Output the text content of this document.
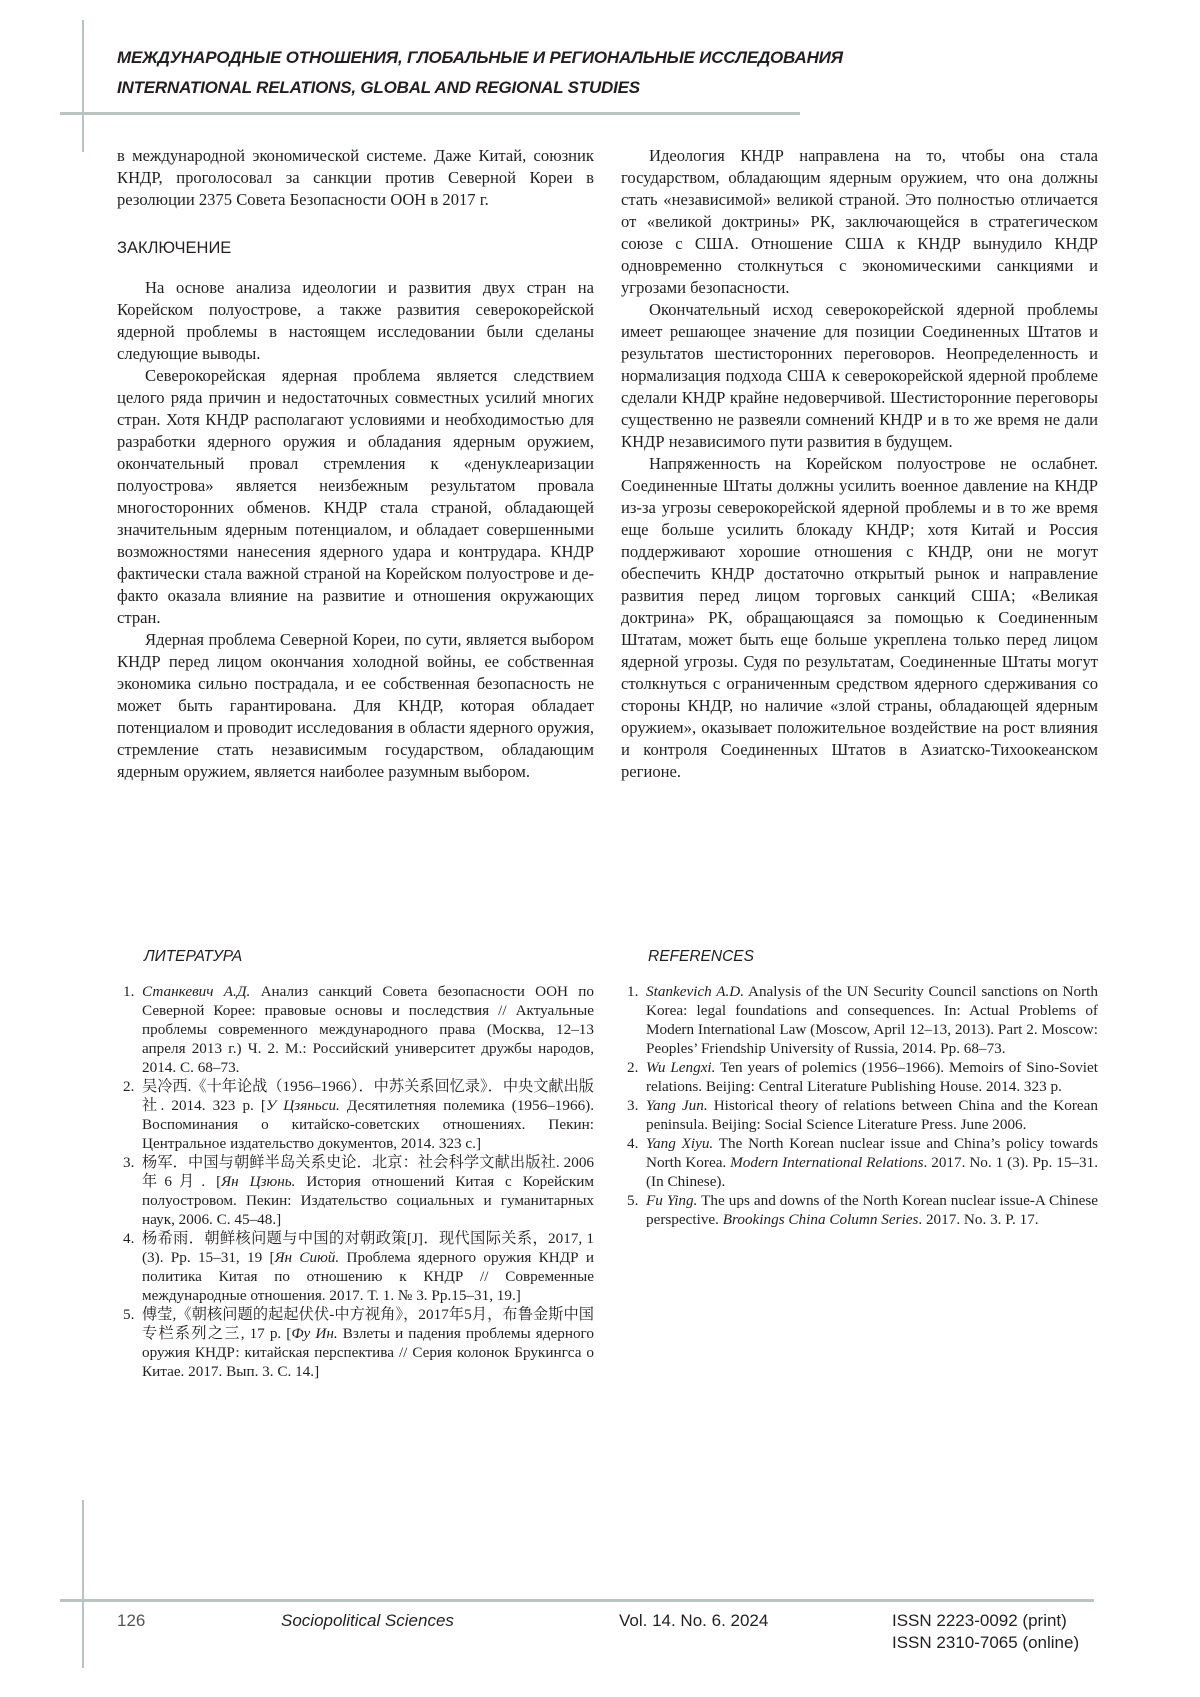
МЕЖДУНАРОДНЫЕ ОТНОШЕНИЯ, ГЛОБАЛЬНЫЕ И РЕГИОНАЛЬНЫЕ ИССЛЕДОВАНИЯ
INTERNATIONAL RELATIONS, GLOBAL AND REGIONAL STUDIES

в международной экономической системе. Даже Китай, союзник КНДР, проголосовал за санкции против Северной Кореи в резолюции 2375 Совета Безопасности ООН в 2017 г.

ЗАКЛЮЧЕНИЕ

На основе анализа идеологии и развития двух стран на Корейском полуострове, а также развития северокорейской ядерной проблемы в настоящем исследовании были сделаны следующие выводы.

Северокорейская ядерная проблема является следствием целого ряда причин и недостаточных совместных усилий многих стран. Хотя КНДР располагают условиями и необходимостью для разработки ядерного оружия и обладания ядерным оружием, окончательный провал стремления к «денуклеаризации полуострова» является неизбежным результатом провала многосторонних обменов. КНДР стала страной, обладающей значительным ядерным потенциалом, и обладает совершенными возможностями нанесения ядерного удара и контрудара. КНДР фактически стала важной страной на Корейском полуострове и де-факто оказала влияние на развитие и отношения окружающих стран.

Ядерная проблема Северной Кореи, по сути, является выбором КНДР перед лицом окончания холодной войны, ее собственная экономика сильно пострадала, и ее собственная безопасность не может быть гарантирована. Для КНДР, которая обладает потенциалом и проводит исследования в области ядерного оружия, стремление стать независимым государством, обладающим ядерным оружием, является наиболее разумным выбором.

Идеология КНДР направлена на то, чтобы она стала государством, обладающим ядерным оружием, что она должны стать «независимой» великой страной. Это полностью отличается от «великой доктрины» РК, заключающейся в стратегическом союзе с США. Отношение США к КНДР вынудило КНДР одновременно столкнуться с экономическими санкциями и угрозами безопасности.

Окончательный исход северокорейской ядерной проблемы имеет решающее значение для позиции Соединенных Штатов и результатов шестисторонних переговоров. Неопределенность и нормализация подхода США к северокорейской ядерной проблеме сделали КНДР крайне недоверчивой. Шестисторонние переговоры существенно не развеяли сомнений КНДР и в то же время не дали КНДР независимого пути развития в будущем.

Напряженность на Корейском полуострове не ослабнет. Соединенные Штаты должны усилить военное давление на КНДР из-за угрозы северокорейской ядерной проблемы и в то же время еще больше усилить блокаду КНДР; хотя Китай и Россия поддерживают хорошие отношения с КНДР, они не могут обеспечить КНДР достаточно открытый рынок и направление развития перед лицом торговых санкций США; «Великая доктрина» РК, обращающаяся за помощью к Соединенным Штатам, может быть еще больше укреплена только перед лицом ядерной угрозы. Судя по результатам, Соединенные Штаты могут столкнуться с ограниченным средством ядерного сдерживания со стороны КНДР, но наличие «злой страны, обладающей ядерным оружием», оказывает положительное воздействие на рост влияния и контроля Соединенных Штатов в Азиатско-Тихоокеанском регионе.

ЛИТЕРАТУРА
1. Станкевич А.Д. Анализ санкций Совета безопасности ООН по Северной Корее: правовые основы и последствия // Актуальные проблемы современного международного права (Москва, 12–13 апреля 2013 г.) Ч. 2. М.: Российский университет дружбы народов, 2014. С. 68–73.
2. 吴冷西.《十年论战（1956–1966）．中苏关系回忆录》．中央文献出版社. 2014. 323 p. [У Цзяньси. Десятилетняя полемика (1956–1966). Воспоминания о китайско-советских отношениях. Пекин: Центральное издательство документов, 2014. 323 с.]
3. 杨军．中国与朝鲜半岛关系史论．北京：社会科学文献出版社. 2006年6月. [Ян Цзюнь. История отношений Китая с Корейским полуостровом. Пекин: Издательство социальных и гуманитарных наук, 2006. С. 45–48.]
4. 杨希雨．朝鲜核问题与中国的对朝政策[J]．现代国际关系，2017, 1 (3). Pp. 15–31, 19 [Ян Сиюй. Проблема ядерного оружия КНДР и политика Китая по отношению к КНДР // Современные международные отношения. 2017. Т. 1. № 3. Pp.15–31, 19.]
5. 傅莹,《朝核问题的起起伏伏-中方视角》，2017年5月，布鲁金斯中国专栏系列之三, 17 p. [Фу Ин. Взлеты и падения проблемы ядерного оружия КНДР: китайская перспектива // Серия колонок Брукингса о Китае. 2017. Вып. 3. С. 14.]
REFERENCES
1. Stankevich A.D. Analysis of the UN Security Council sanctions on North Korea: legal foundations and consequences. In: Actual Problems of Modern International Law (Moscow, April 12–13, 2013). Part 2. Moscow: Peoples’ Friendship University of Russia, 2014. Pp. 68–73.
2. Wu Lengxi. Ten years of polemics (1956–1966). Memoirs of Sino-Soviet relations. Beijing: Central Literature Publishing House. 2014. 323 p.
3. Yang Jun. Historical theory of relations between China and the Korean peninsula. Beijing: Social Science Literature Press. June 2006.
4. Yang Xiyu. The North Korean nuclear issue and China’s policy towards North Korea. Modern International Relations. 2017. No. 1 (3). Pp. 15–31. (In Chinese).
5. Fu Ying. The ups and downs of the North Korean nuclear issue-A Chinese perspective. Brookings China Column Series. 2017. No. 3. P. 17.
126	Sociopolitical Sciences	Vol. 14. No. 6. 2024	ISSN 2223-0092 (print)
ISSN 2310-7065 (online)
